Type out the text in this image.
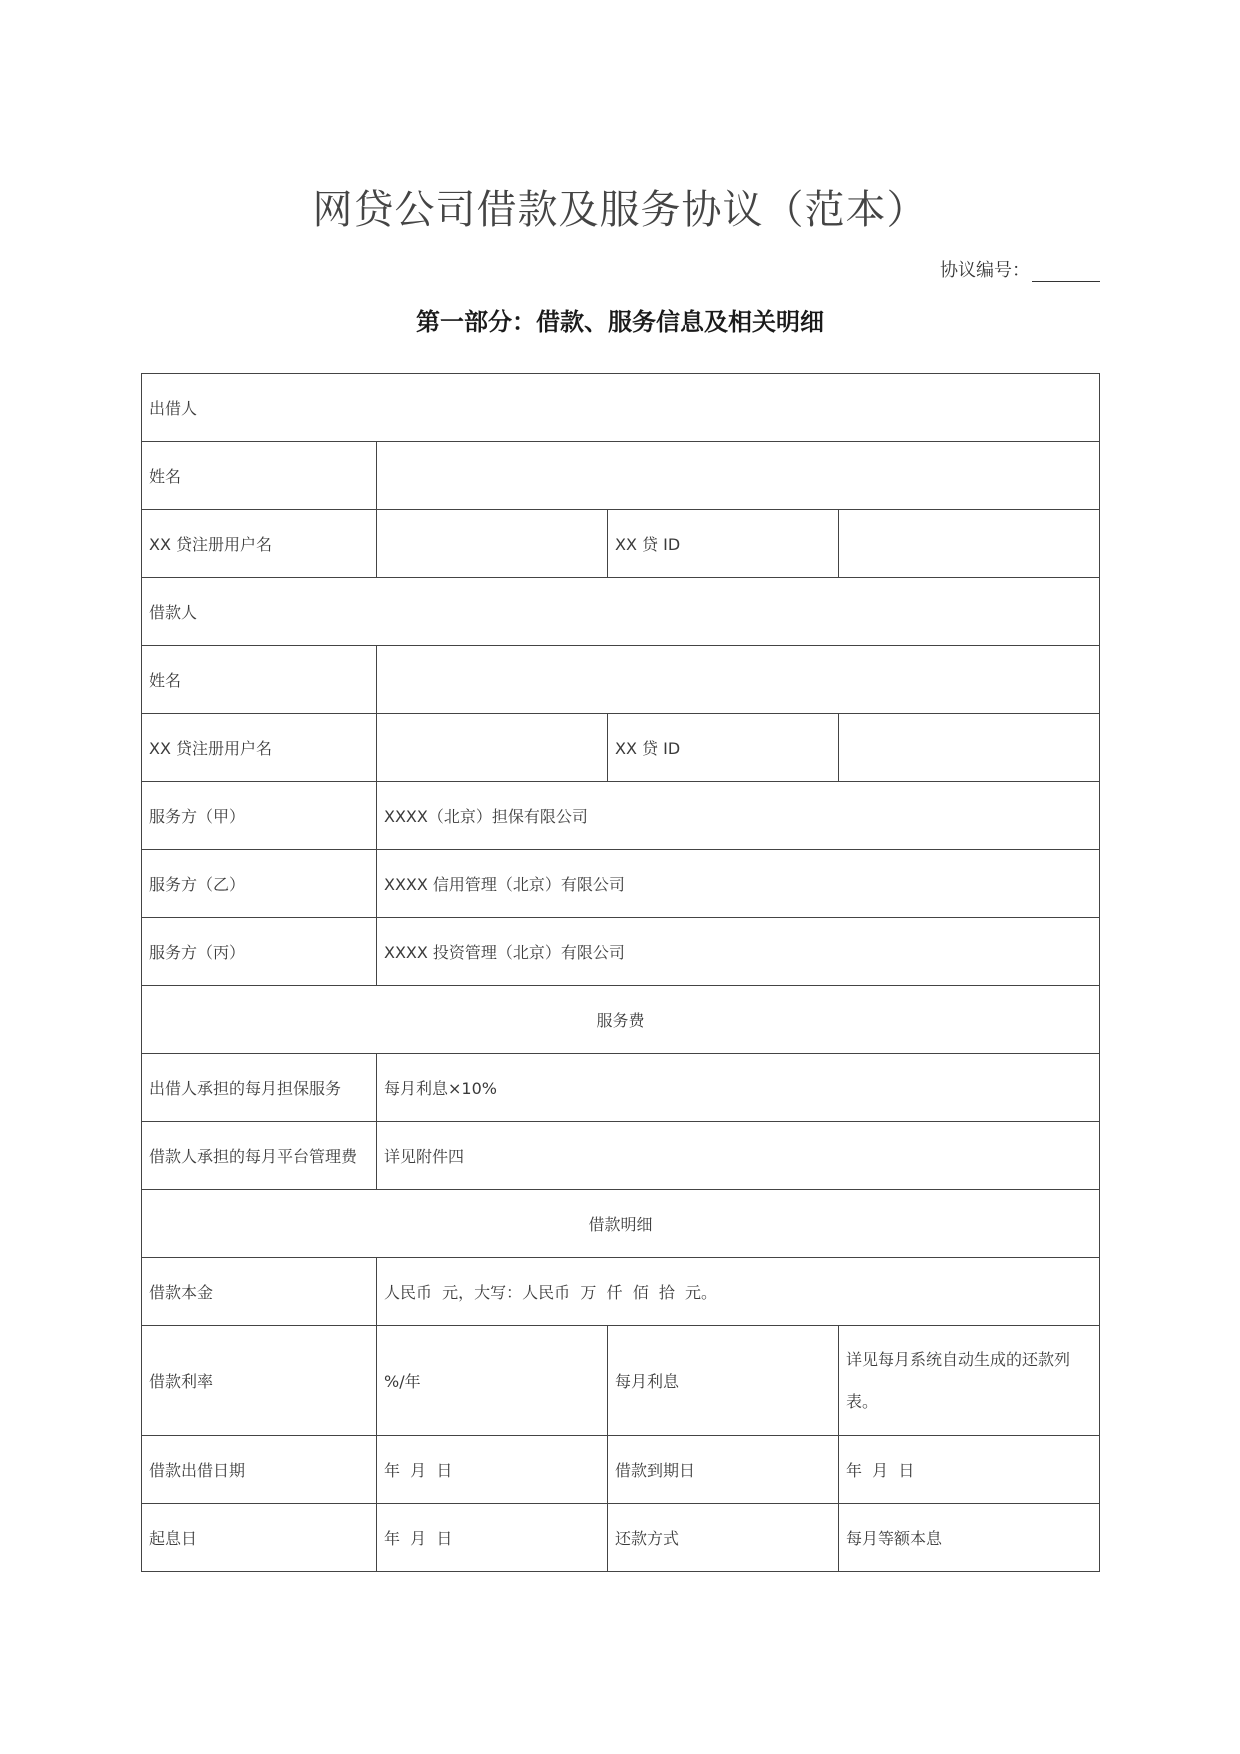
网贷公司借款及服务协议（范本）
协议编号：
第一部分：借款、服务信息及相关明细
出借人			
姓名			
XX 贷注册用户名		XX 贷 ID	
借款人			
姓名			
XX 贷注册用户名		XX 贷 ID	
服务方（甲）	XXXX（北京）担保有限公司		
服务方（乙）	XXXX 信用管理（北京）有限公司		
服务方（丙）	XXXX 投资管理（北京）有限公司		
服务费			
出借人承担的每月担保服务	每月利息×10%		
借款人承担的每月平台管理费	详见附件四		
借款明细			
借款本金	人民币  元，大写：人民币  万  仟  佰  拾  元。		
借款利率	%/年	每月利息	详见每月系统自动生成的还款列表。
借款出借日期	年  月  日	借款到期日	年  月  日
起息日	年  月  日	还款方式	每月等额本息
